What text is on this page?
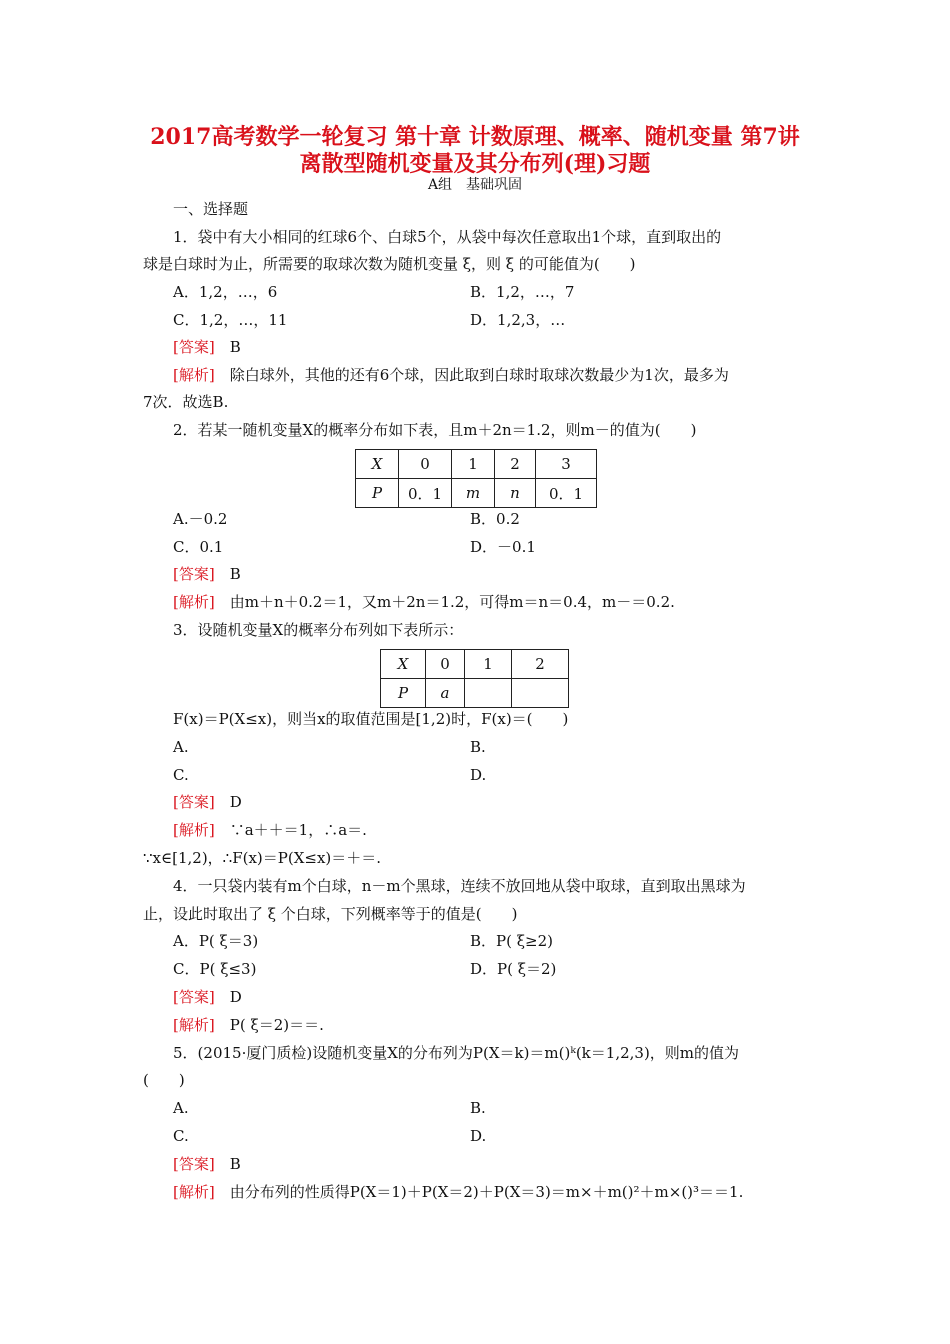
2017高考数学一轮复习 第十章 计数原理、概率、随机变量 第7讲
离散型随机变量及其分布列(理)习题
A组　基础巩固
一、选择题
1．袋中有大小相同的红球6个、白球5个，从袋中每次任意取出1个球，直到取出的
球是白球时为止，所需要的取球次数为随机变量 ξ，则 ξ 的可能值为(　　)
A．1,2，…，6	B．1,2，…，7
C．1,2，…，11	D．1,2,3，…
[答案]　 B
[解析]　 除白球外，其他的还有6个球，因此取到白球时取球次数最少为1次，最多为
7次．故选B.
2．若某一随机变量X的概率分布如下表，且m＋2n＝1.2，则m－的值为(　　)
X	0	1	2	3
P	0．1	m	n	0．1
A.－0.2	B．0.2
C．0.1	D．－0.1
[答案]　 B
[解析]　 由m＋n＋0.2＝1，又m＋2n＝1.2，可得m＝n＝0.4，m－＝0.2.
3．设随机变量X的概率分布列如下表所示：
X	0	1	2
P	a		
F(x)＝P(X≤x)，则当x的取值范围是[1,2)时，F(x)＝(　　)
A.	B.
C.	D.
[答案]　 D
[解析]　 ∵a＋＋＝1，∴a＝.
∵x∈[1,2)，∴F(x)＝P(X≤x)＝＋＝.
4．一只袋内装有m个白球，n－m个黑球，连续不放回地从袋中取球，直到取出黑球为
止，设此时取出了 ξ 个白球，下列概率等于的值是(　　)
A．P( ξ＝3)	B．P( ξ≥2)
C．P( ξ≤3)	D．P( ξ＝2)
[答案]　 D
[解析]　 P( ξ＝2)＝＝.
5．(2015·厦门质检)设随机变量X的分布列为P(X＝k)＝m()ᵏ(k＝1,2,3)，则m的值为
(　　)
A.	B.
C.	D.
[答案]　 B
[解析]　 由分布列的性质得P(X＝1)＋P(X＝2)＋P(X＝3)＝m×＋m()²＋m×()³＝＝1.
